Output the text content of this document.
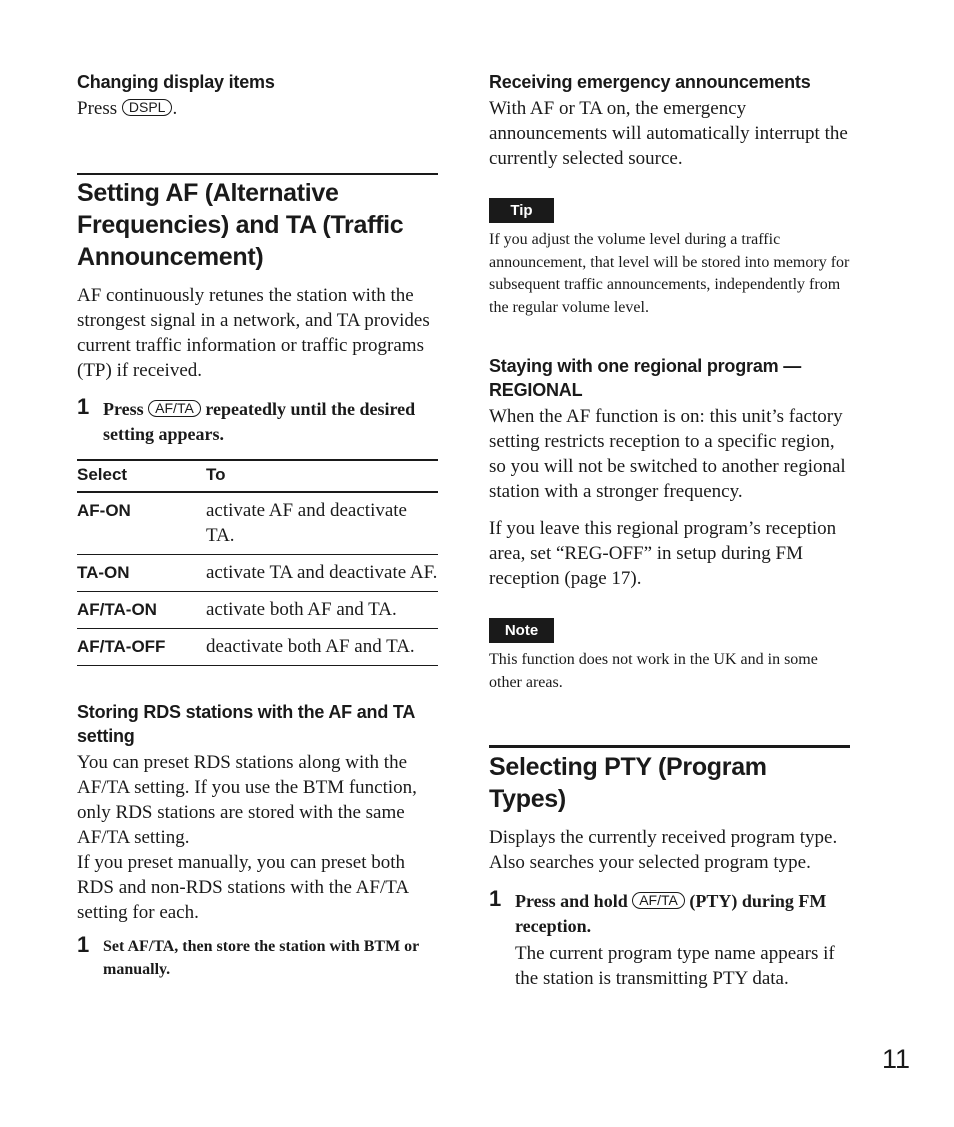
Changing display items
Press DSPL .
Setting AF (Alternative Frequencies) and TA (Traffic Announcement)
AF continuously retunes the station with the strongest signal in a network, and TA provides current traffic information or traffic programs (TP) if received.
1 Press AF/TA repeatedly until the desired setting appears.
Select	To
AF-ON	activate AF and deactivate TA.
TA-ON	activate TA and deactivate AF.
AF/TA-ON	activate both AF and TA.
AF/TA-OFF	deactivate both AF and TA.
Storing RDS stations with the AF and TA setting
You can preset RDS stations along with the AF/TA setting. If you use the BTM function, only RDS stations are stored with the same AF/TA setting.
If you preset manually, you can preset both RDS and non-RDS stations with the AF/TA setting for each.
1 Set AF/TA, then store the station with BTM or manually.
Receiving emergency announcements
With AF or TA on, the emergency announcements will automatically interrupt the currently selected source.
Tip
If you adjust the volume level during a traffic announcement, that level will be stored into memory for subsequent traffic announcements, independently from the regular volume level.
Staying with one regional program — REGIONAL
When the AF function is on: this unit’s factory setting restricts reception to a specific region, so you will not be switched to another regional station with a stronger frequency.
If you leave this regional program’s reception area, set “REG-OFF” in setup during FM reception (page 17).
Note
This function does not work in the UK and in some other areas.
Selecting PTY (Program Types)
Displays the currently received program type. Also searches your selected program type.
1 Press and hold AF/TA (PTY) during FM reception.
The current program type name appears if the station is transmitting PTY data.
11
